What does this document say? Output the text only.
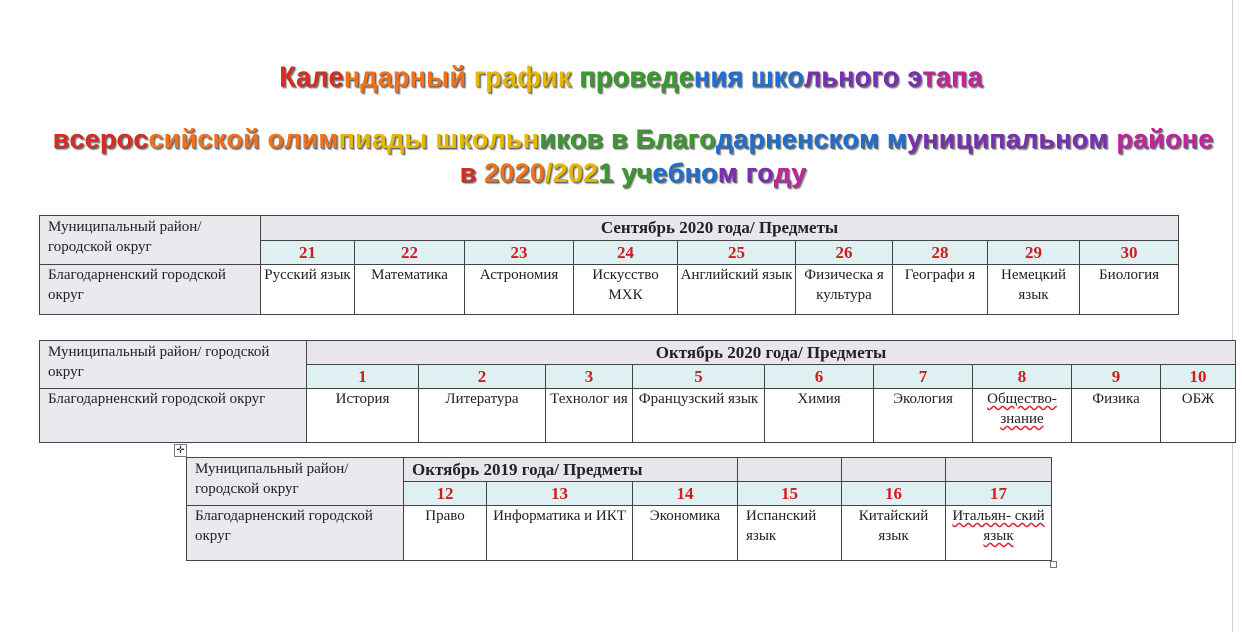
Календарный график проведения школьного этапа
всероссийской олимпиады школьников в Благодарненском муниципальном районе
в 2020/2021 учебном году
Муниципальный район/ городской округ	Сентябрь 2020 года/ Предметы								
	21	22	23	24	25	26	28	29	30
Благодарненский городской округ	Русский язык	Математика	Астрономия	Искусство МХК	Английский язык	Физическа я культура	Географи я	Немецкий язык	Биология
Муниципальный район/ городской округ	Октябрь 2020 года/ Предметы								
	1	2	3	5	6	7	8	9	10
Благодарненский городской округ	История	Литература	Технолог ия	Французский язык	Химия	Экология	Общество- знание	Физика	ОБЖ
✛
Муниципальный район/ городской округ	Октябрь 2019 года/ Предметы					
	12	13	14	15	16	17
Благодарненский городской округ	Право	Информатика и ИКТ	Экономика	Испанский язык	Китайский язык	Итальян- ский язык
